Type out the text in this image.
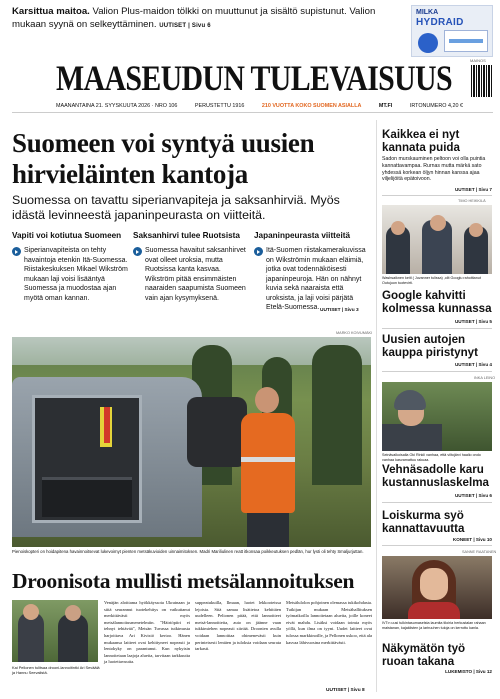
Karsittua maitoa. Valion Plus-maidon tölkki on muuttunut ja sisältö supistunut. Valion mukaan syynä on selkeyttäminen. UUTISET | Sivu 6
MILKA
HYDRAID
MAINOS
MAASEUDUN TULEVAISUUS
MAANANTAINA 21. SYYSKUUTA 2026 · NRO 106	PERUSTETTU 1916	210 VUOTTA KOKO SUOMEN ASIALLA	MT.FI	IRTONUMERO 4,20 €
Suomeen voi syntyä uusien hirvieläinten kantoja
Suomessa on tavattu siperianvapiteja ja saksanhirviä. Myös idästä levinneestä japaninpeurasta on viitteitä.
Vapiti voi kotiutua Suomeen

Siperianvapiteista on tehty havaintoja etenkin Itä-Suomessa. Riistakeskuksen Mikael Wikström mukaan laji voisi lisääntyä Suomessa ja muodostaa ajan myötä oman kannan.

Saksanhirvi tulee Ruotsista

Suomessa havaitut saksanhirvet ovat olleet uroksia, mutta Ruotsissa kanta kasvaa. Wikström pitää ensimmäisten naaraiden saapumista Suomeen vain ajan kysymyksenä.

Japaninpeurasta viitteitä

Itä-Suomen riistakamerakuvissa on Wikströmin mukaan eläimiä, jotka ovat todennäköisesti japaninpeuroja. Hän on nähnyt kuvia sekä naaraista että uroksista, ja laji voisi pärjätä Etelä-Suomessa. UUTISET | Sivu 3
MARKO KOIVUMÄKI
Pienoiskopteri on hoidapitena havainnoitsevat lukevoimyt pienten metsäkuvioiden uinnaimitoksen. Madri Mariliulinen reatt itkonsaa poikkeutuksen pedlän, hur lysti oli tehty Smaljurjuttan.
Droonisota mullisti metsälannoituksen
Kai Pellonen tulitsaa drooni-lannoitintki Ari Seväälä ja Hannu Seevalistä.
Venäjän aloittama hyökkäyssota Ukrainaan ja siitä seurannut tuotekehitys on vaikuttanut merkittävästi myös metsälannoitusmenetelmiin. "Häiriöpiiri ei tehnyt tehtävää", Metsän Tuvassa tutkimusta harjoittava Ari Kivistö kertoo. Hänen mukaansa laitteet ovat kehittyneet nopeasti ja lentokyky on parantunut. Kun nykyisin lannoitetaan laajoja alueita, tarvitaan tarkkuutta ja luotettavuutta.
suppeatukuilla, Ilmaan, luotet lekkooteissa lejoista. Sitä samaa lisätietoa kehittäen uudelleen. Pelionen pitää, että lannoitteet metsä-lannoitteita, auto on jäänne vaan tukkimiehen nopeasti siirtää. Droonien avulla voidaan lannoittaa ohimenevästi kuin perinteisesti lentäen ja tuloksia voidaan seurata tarkasti.
Metsälulolon pohjoinen olemassa tukikohdasta. Tutkijan mukaan Metsähallituksen työmatkoilla lannoitetaan alueita, joille koneet eivät mahdu. Lisäksi voidaan toimia myös yöllä, kun ilma on tyyni. Uudet laitteet ovat tulossa markkinoille, ja Pellonen uskoo, että ala kasvaa lähivuosina merkittävästi.
UUTISET | Sivu 8
Kaikkea ei nyt kannata puida
Sadon murskauminen peltoon voi olla puintia kannattavampaa. Rurnas mutta märkä sato yhdessä korkean öljyn hinnan kanssa ajaa viljelijöitä epätoivoon.
UUTISET | Sivu 7
TIMO HEIKKILÄ
Washsaiknen keitl ( Juvanner tulissa) ,olit Googlu rahoittanut Outujuon tuotevirti.
Google kahvitti kolmessa kunnassa
UUTISET | Sivu 5
Uusien autojen kauppa piristynyt
UUTISET | Sivu 4
INKA LEINO
Seinävalkoisalla Oki Rinkli vanhaa, että viltojärvi haalio ondo vanhaa kasvamattuu rakuaa.
Vehnäsadolle karu kustannuslaskelma
UUTISET | Sivu 6
Loiskurma syö kannattavuutta
KONEET | Sivu 10
SANNE RAATANEN
IVT:n uusi tulkintasumaselsta laumita tiloiria herkustalan rahaan maistanan, kajaklisten ja lariruuhen tuloja on kerrottu kanla.
Näkymätön työ ruoan takana
LUKEMISTO | Sivu 12
